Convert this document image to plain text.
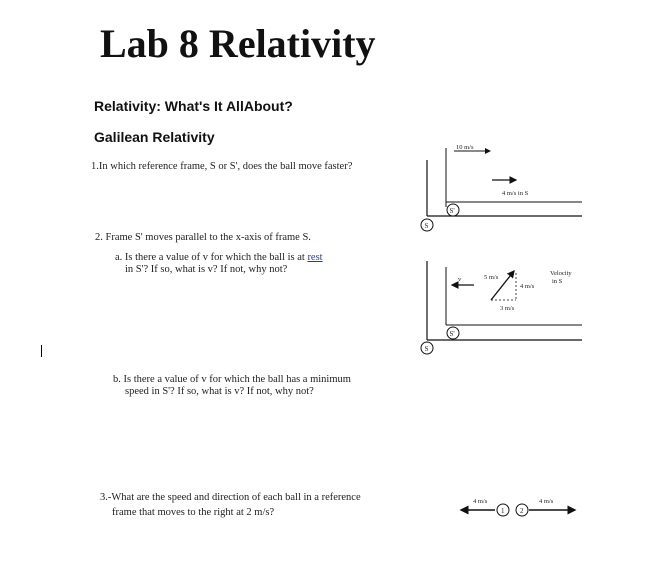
Lab 8 Relativity
Relativity: What's It AllAbout?
Galilean Relativity
1.In which reference frame, S or S', does the ball move faster?
2. Frame S' moves parallel to the x-axis of frame S.
a. Is there a value of v for which the ball is at rest
in S'? If so, what is v? If not, why not?
b. Is there a value of v for which the ball has a minimum
speed in S'? If so, what is v? If not, why not?
3.-What are the speed and direction of each ball in a reference
frame that moves to the right at 2 m/s?
10 m/s
4 m/s in S
S
S'
v	5 m/s
4 m/s
3 m/s
Velocity
in S
S
S'
4 m/s	4 m/s
1 2
